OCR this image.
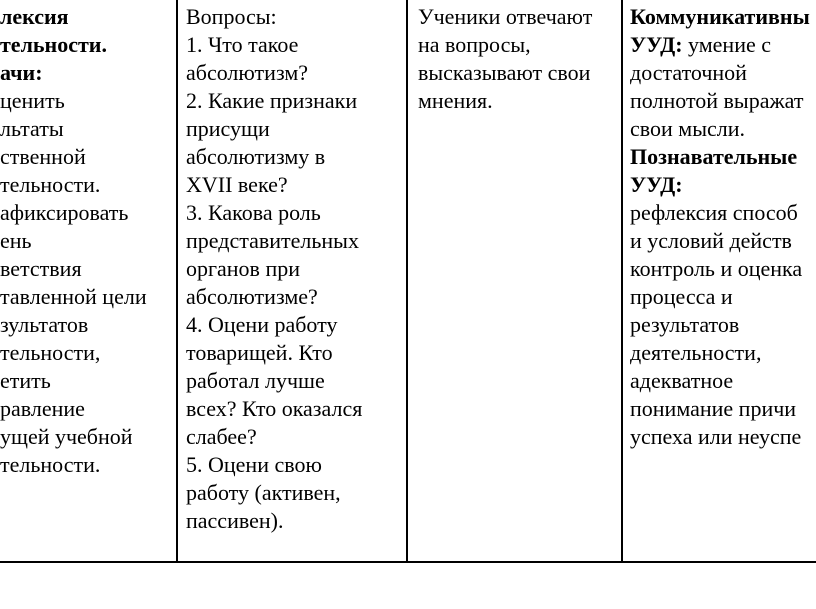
лексия
тельности.
ачи:
ценить
льтаты
ственной
тельности.
афиксировать
ень
ветствия
тавленной цели
зультатов
тельности,
етить
равление
ущей учебной
тельности.
Вопросы:
1. Что такое
абсолютизм?
2. Какие признаки
присущи
абсолютизму в
XVII веке?
3. Какова роль
представительных
органов при
абсолютизме?
4. Оцени работу
товарищей. Кто
работал лучше
всех? Кто оказался
слабее?
5. Оцени свою
работу (активен,
пассивен).
Ученики отвечают
на вопросы,
высказывают свои
мнения.
Коммуникативны
УУД: умение с
достаточной
полнотой выражат
свои мысли.
Познавательные
УУД:
рефлексия способ
и условий действ
контроль и оценка
процесса и
результатов
деятельности,
адекватное
понимание причи
успеха или неуспе
